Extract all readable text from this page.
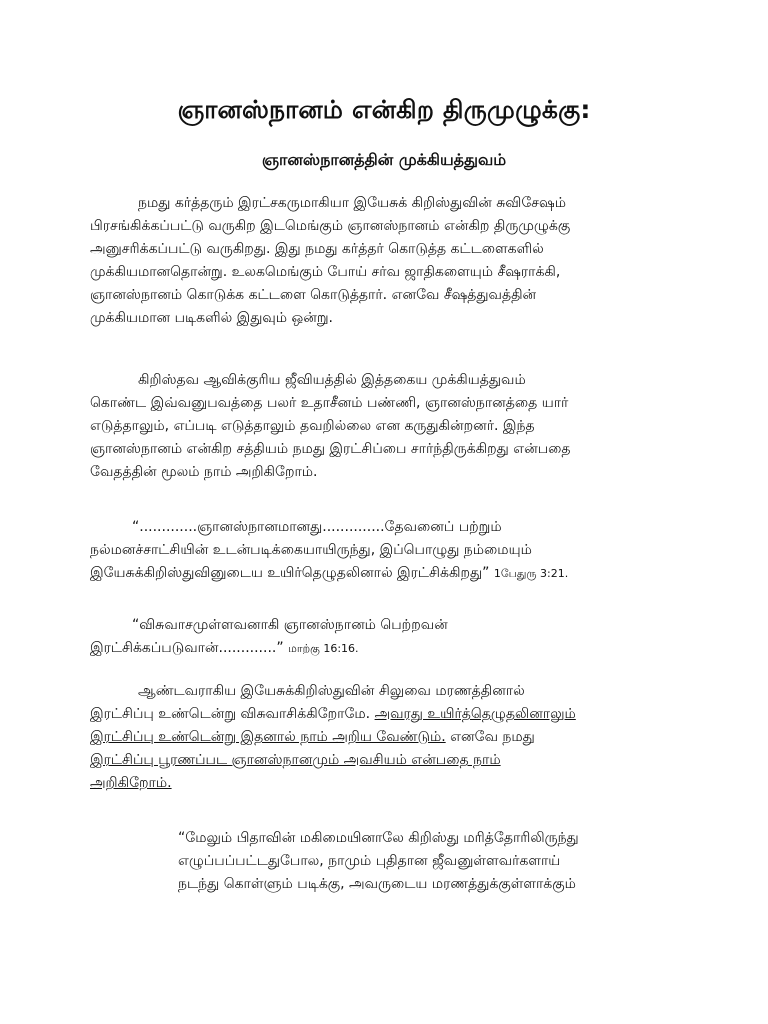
ஞானஸ்நானம் என்கிற திருமுழுக்கு:
ஞானஸ்நானத்தின் முக்கியத்துவம்
நமது கர்த்தரும் இரட்சகருமாகியா இயேசுக் கிறிஸ்துவின் சுவிசேஷம்
பிரசங்கிக்கப்பட்டு வருகிற இடமெங்கும் ஞானஸ்நானம் என்கிற திருமுழுக்கு
அனுசரிக்கப்பட்டு வருகிறது. இது நமது கர்த்தர் கொடுத்த கட்டளைகளில்
முக்கியமானதொன்று. உலகமெங்கும் போய் சர்வ ஜாதிகளையும் சீஷராக்கி,
ஞானஸ்நானம் கொடுக்க கட்டளை கொடுத்தார். எனவே சீஷத்துவத்தின்
முக்கியமான படிகளில் இதுவும் ஒன்று.
கிறிஸ்தவ ஆவிக்குரிய ஜீவியத்தில் இத்தகைய முக்கியத்துவம்
கொண்ட இவ்வனுபவத்தை பலர் உதாசீனம் பண்ணி, ஞானஸ்நானத்தை யார்
எடுத்தாலும், எப்படி எடுத்தாலும் தவறில்லை என கருதுகின்றனர். இந்த
ஞானஸ்நானம் என்கிற சத்தியம் நமது இரட்சிப்பை சார்ந்திருக்கிறது என்பதை
வேதத்தின் மூலம் நாம் அறிகிறோம்.
“.............ஞானஸ்நானமானது..............தேவனைப் பற்றும்
நல்மனச்சாட்சியின் உடன்படிக்கையாயிருந்து, இப்பொழுது நம்மையும்
இயேசுக்கிறிஸ்துவினுடைய உயிர்தெழுதலினால் இரட்சிக்கிறது” 1பேதுரு 3:21.
“விசுவாசமுள்ளவனாகி ஞானஸ்நானம் பெற்றவன்
இரட்சிக்கப்படுவான்.............” மாற்கு 16:16.
ஆண்டவராகிய இயேசுக்கிறிஸ்துவின் சிலுவை மரணத்தினால்
இரட்சிப்பு உண்டென்று விசுவாசிக்கிறோமே. அவரது உயிர்த்தெழுதலினாலும்
இரட்சிப்பு உண்டென்று இதனால் நாம் அறிய வேண்டும். எனவே நமது
இரட்சிப்பு பூரணப்பட ஞானஸ்நானமும் அவசியம் என்பதை நாம்
அறிகிறோம்.
“மேலும் பிதாவின் மகிமையினாலே கிறிஸ்து மரித்தோரிலிருந்து
எழுப்பப்பட்டதுபோல, நாமும் புதிதான ஜீவனுள்ளவர்களாய்
நடந்து கொள்ளும் படிக்கு, அவருடைய மரணத்துக்குள்ளாக்கும்
